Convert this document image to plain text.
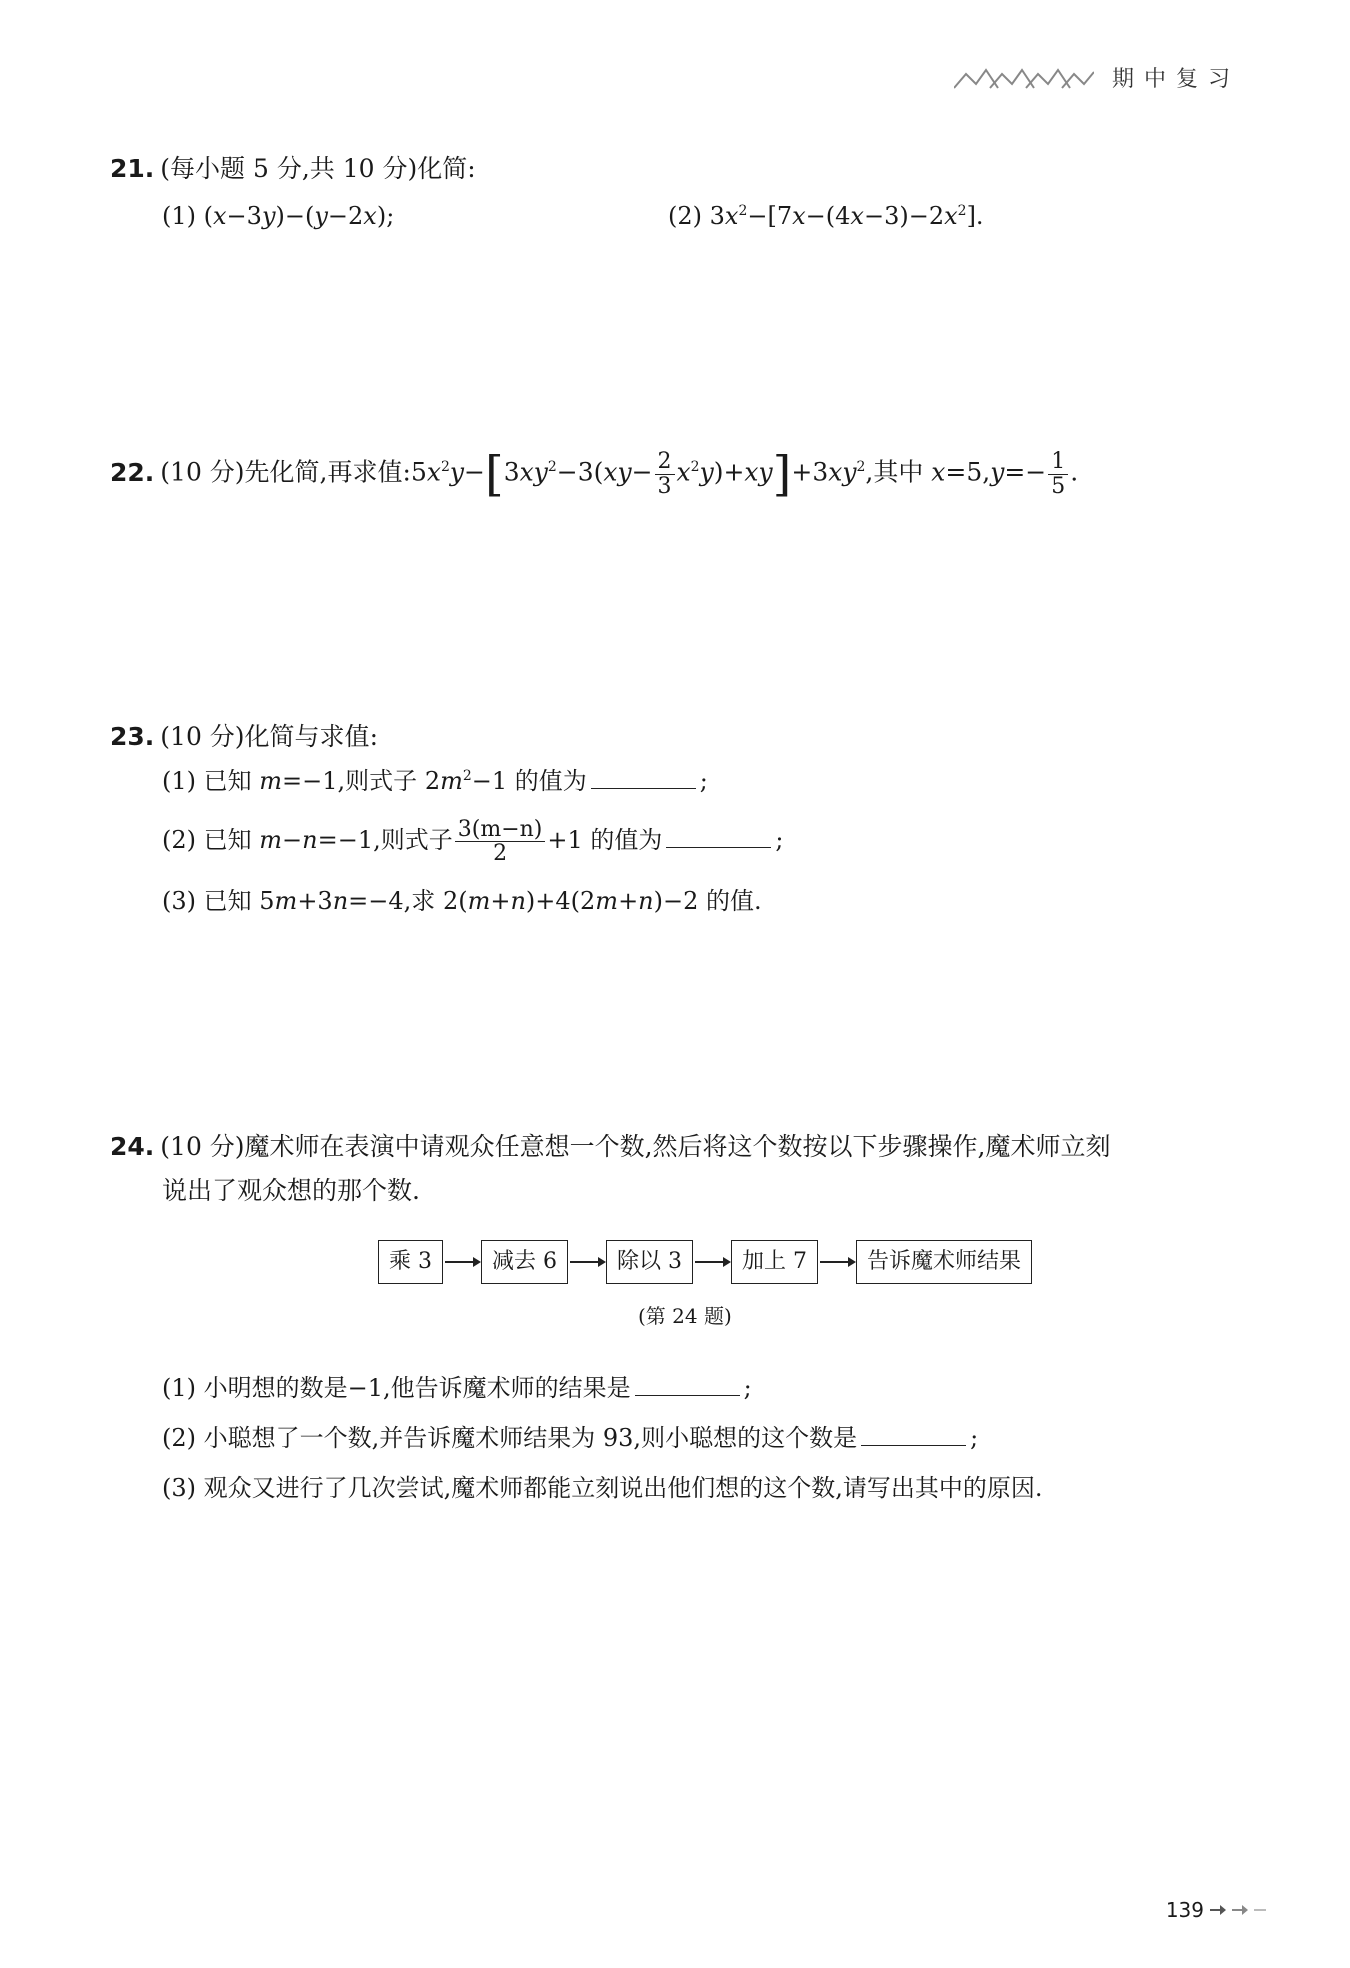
期中复习
21. (每小题 5 分,共 10 分)化简:
(1) (x−3y)−(y−2x);	(2) $3x^2-[7x-(4x-3)-2x^2]$.
22. (10 分)先化简,再求值$:5x^2y-[3xy^2-3(xy- \frac{2}{3} x^2y)+xy]+3xy^2$,其中 $x=5,y=- \frac{1}{5}$ .
23. (10 分)化简与求值:
(1) 已知 m=−1,则式子 $2m^2-1$ 的值为	;
(2) 已知 m−n=−1,则式子 $\frac{3(m-n)}{2} +1$ 的值为	;
(3) 已知 5m+3n=−4,求 2(m+n)+4(2m+n)−2 的值.
24. (10 分)魔术师在表演中请观众任意想一个数,然后将这个数按以下步骤操作,魔术师立刻
说出了观众想的那个数.
乘 3	减去 6	除以 3	加上 7	告诉魔术师结果
(第 24 题)
(1) 小明想的数是−1,他告诉魔术师的结果是	;
(2) 小聪想了一个数,并告诉魔术师结果为 93,则小聪想的这个数是	;
(3) 观众又进行了几次尝试,魔术师都能立刻说出他们想的这个数,请写出其中的原因.
139
